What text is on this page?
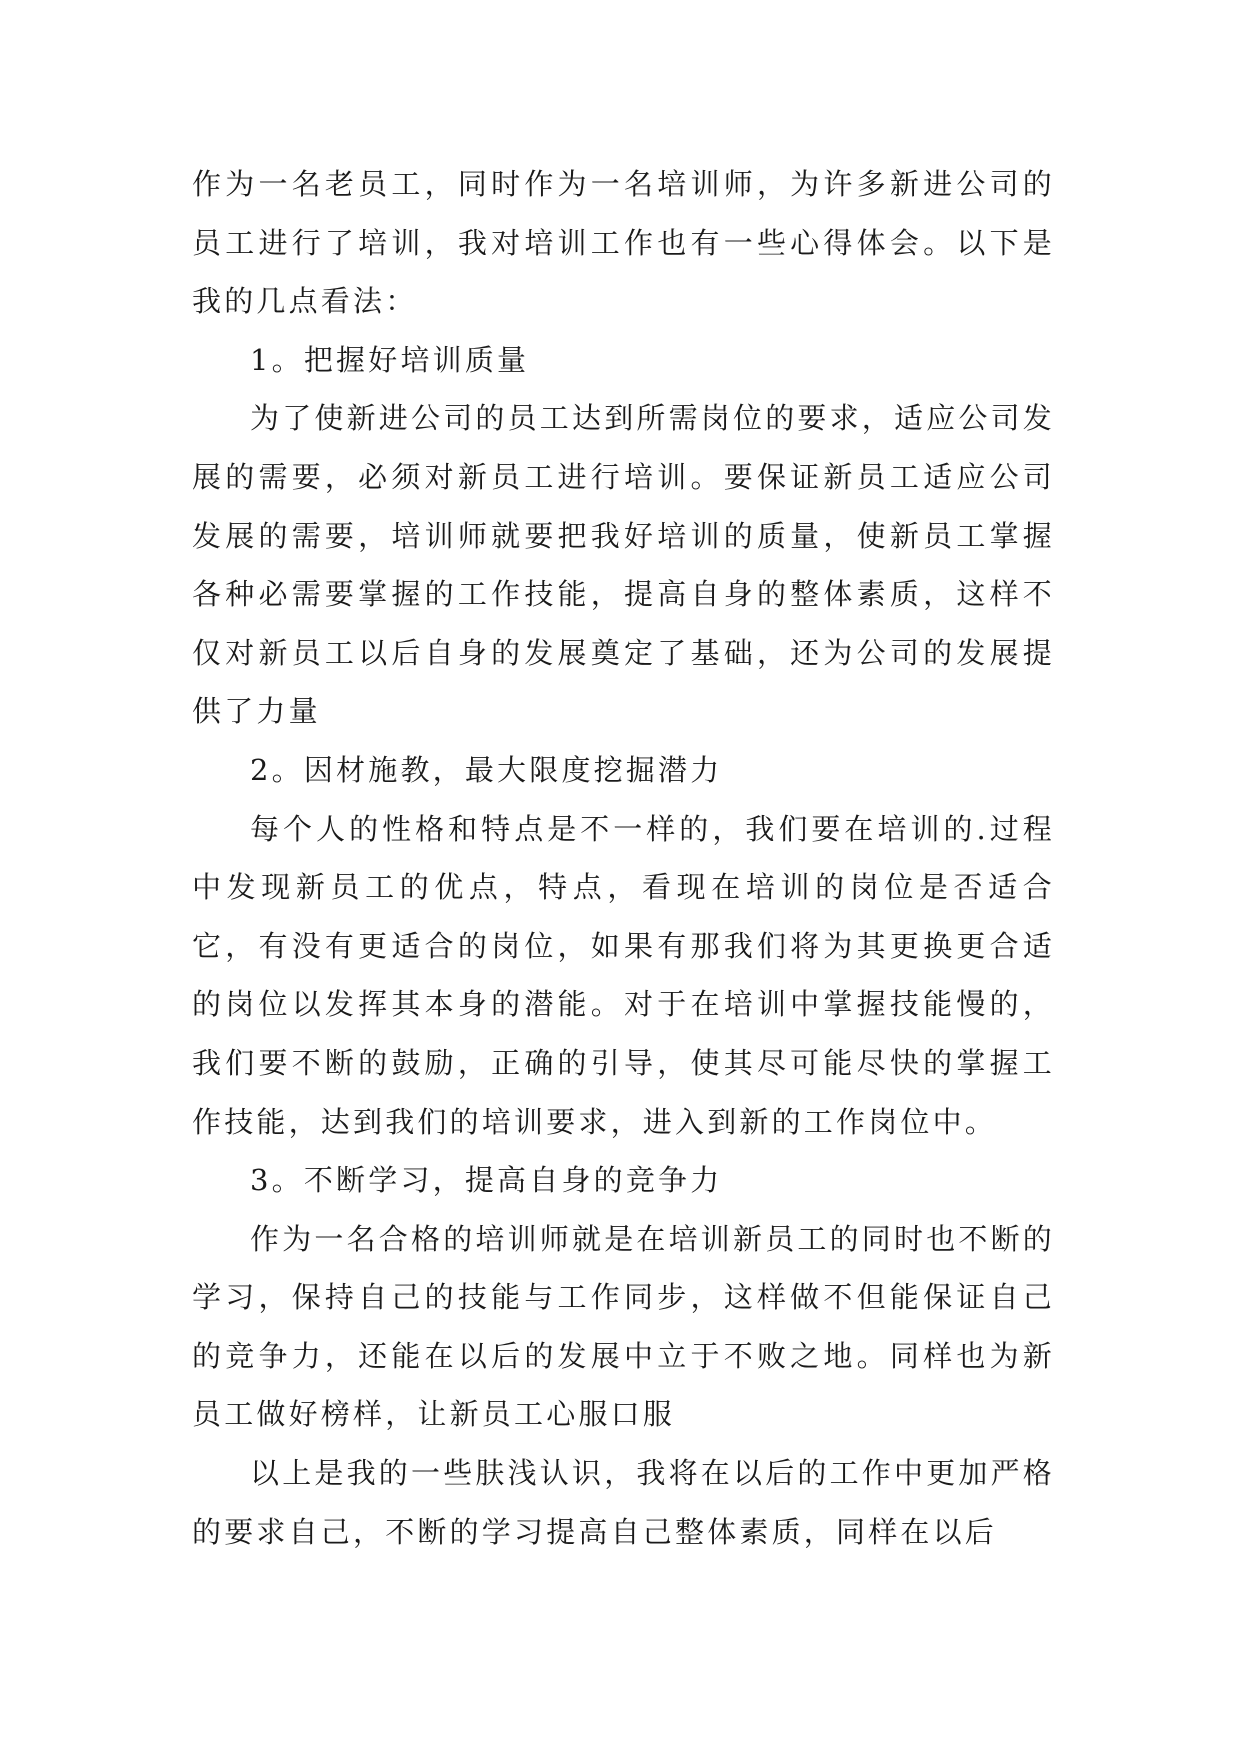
作为一名老员工，同时作为一名培训师，为许多新进公司的员工进行了培训，我对培训工作也有一些心得体会。以下是我的几点看法：

1。把握好培训质量

为了使新进公司的员工达到所需岗位的要求，适应公司发展的需要，必须对新员工进行培训。要保证新员工适应公司发展的需要，培训师就要把我好培训的质量，使新员工掌握各种必需要掌握的工作技能，提高自身的整体素质，这样不仅对新员工以后自身的发展奠定了基础，还为公司的发展提供了力量

2。因材施教，最大限度挖掘潜力

每个人的性格和特点是不一样的，我们要在培训的.过程中发现新员工的优点，特点，看现在培训的岗位是否适合它，有没有更适合的岗位，如果有那我们将为其更换更合适的岗位以发挥其本身的潜能。对于在培训中掌握技能慢的，我们要不断的鼓励，正确的引导，使其尽可能尽快的掌握工作技能，达到我们的培训要求，进入到新的工作岗位中。

3。不断学习，提高自身的竞争力

作为一名合格的培训师就是在培训新员工的同时也不断的学习，保持自己的技能与工作同步，这样做不但能保证自己的竞争力，还能在以后的发展中立于不败之地。同样也为新员工做好榜样，让新员工心服口服

以上是我的一些肤浅认识，我将在以后的工作中更加严格的要求自己，不断的学习提高自己整体素质，同样在以后
